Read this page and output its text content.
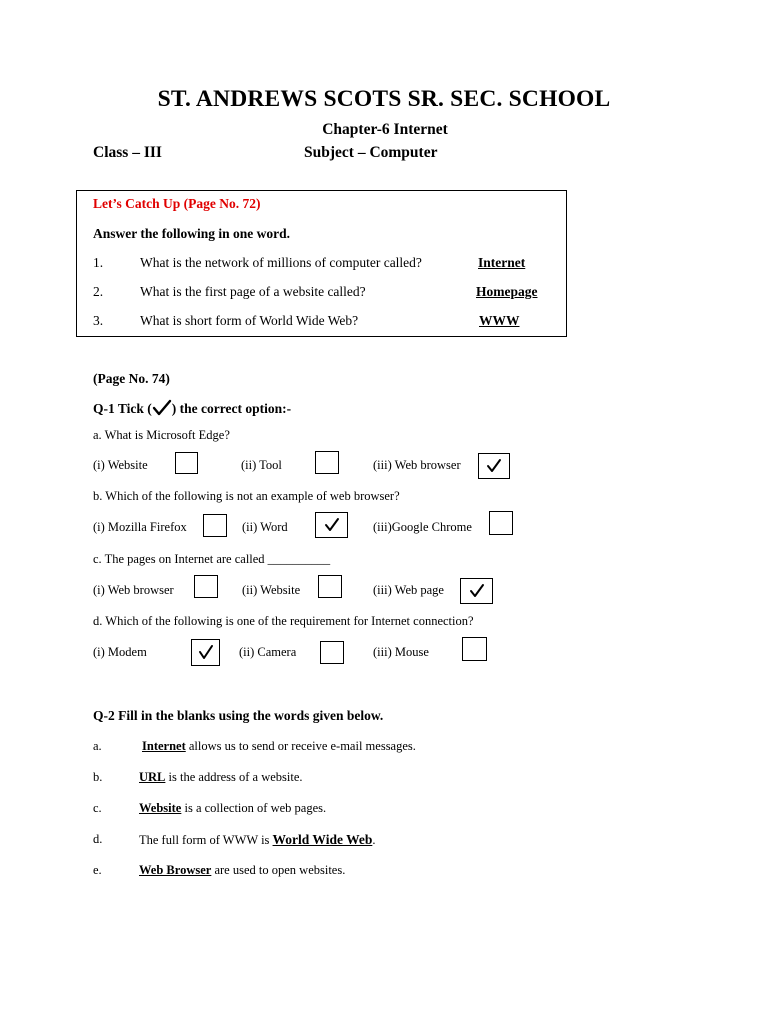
ST. ANDREWS SCOTS SR. SEC. SCHOOL
Chapter-6 Internet
Class – III	Subject – Computer
Let’s Catch Up (Page No. 72)
Answer the following in one word.
1.	What is the network of millions of computer called?	Internet
2.	What is the first page of a website called?	Homepage
3.	What is short form of World Wide Web?	WWW
(Page No. 74)
Q-1 Tick ( ) the correct option:-
a. What is Microsoft Edge?
(i) Website	(ii) Tool	(iii) Web browser
b. Which of the following is not an example of web browser?
(i) Mozilla Firefox	(ii) Word	(iii)Google Chrome
c. The pages on Internet are called __________
(i) Web browser	(ii) Website	(iii) Web page
d. Which of the following is one of the requirement for Internet connection?
(i) Modem	(ii) Camera	(iii) Mouse
Q-2 Fill in the blanks using the words given below.
a.	Internet allows us to send or receive e-mail messages.
b.	URL is the address of a website.
c.	Website is a collection of web pages.
d.	The full form of WWW is World Wide Web.
e.	Web Browser are used to open websites.
